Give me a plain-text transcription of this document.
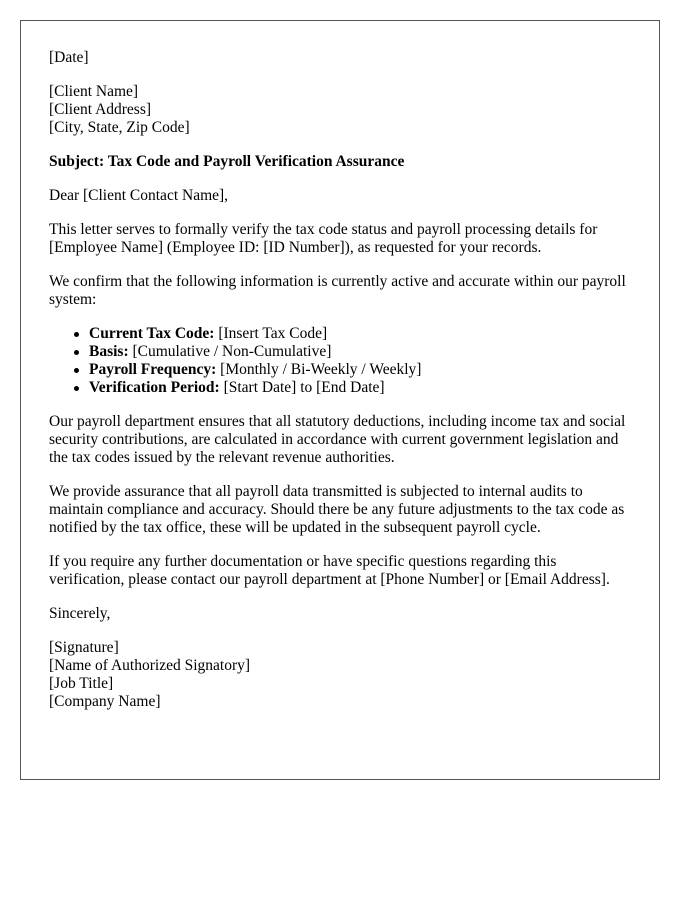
[Date]
[Client Name]
[Client Address]
[City, State, Zip Code]
Subject: Tax Code and Payroll Verification Assurance
Dear [Client Contact Name],
This letter serves to formally verify the tax code status and payroll processing details for [Employee Name] (Employee ID: [ID Number]), as requested for your records.
We confirm that the following information is currently active and accurate within our payroll system:
Current Tax Code: [Insert Tax Code]
Basis: [Cumulative / Non-Cumulative]
Payroll Frequency: [Monthly / Bi-Weekly / Weekly]
Verification Period: [Start Date] to [End Date]
Our payroll department ensures that all statutory deductions, including income tax and social security contributions, are calculated in accordance with current government legislation and the tax codes issued by the relevant revenue authorities.
We provide assurance that all payroll data transmitted is subjected to internal audits to maintain compliance and accuracy. Should there be any future adjustments to the tax code as notified by the tax office, these will be updated in the subsequent payroll cycle.
If you require any further documentation or have specific questions regarding this verification, please contact our payroll department at [Phone Number] or [Email Address].
Sincerely,
[Signature]
[Name of Authorized Signatory]
[Job Title]
[Company Name]
